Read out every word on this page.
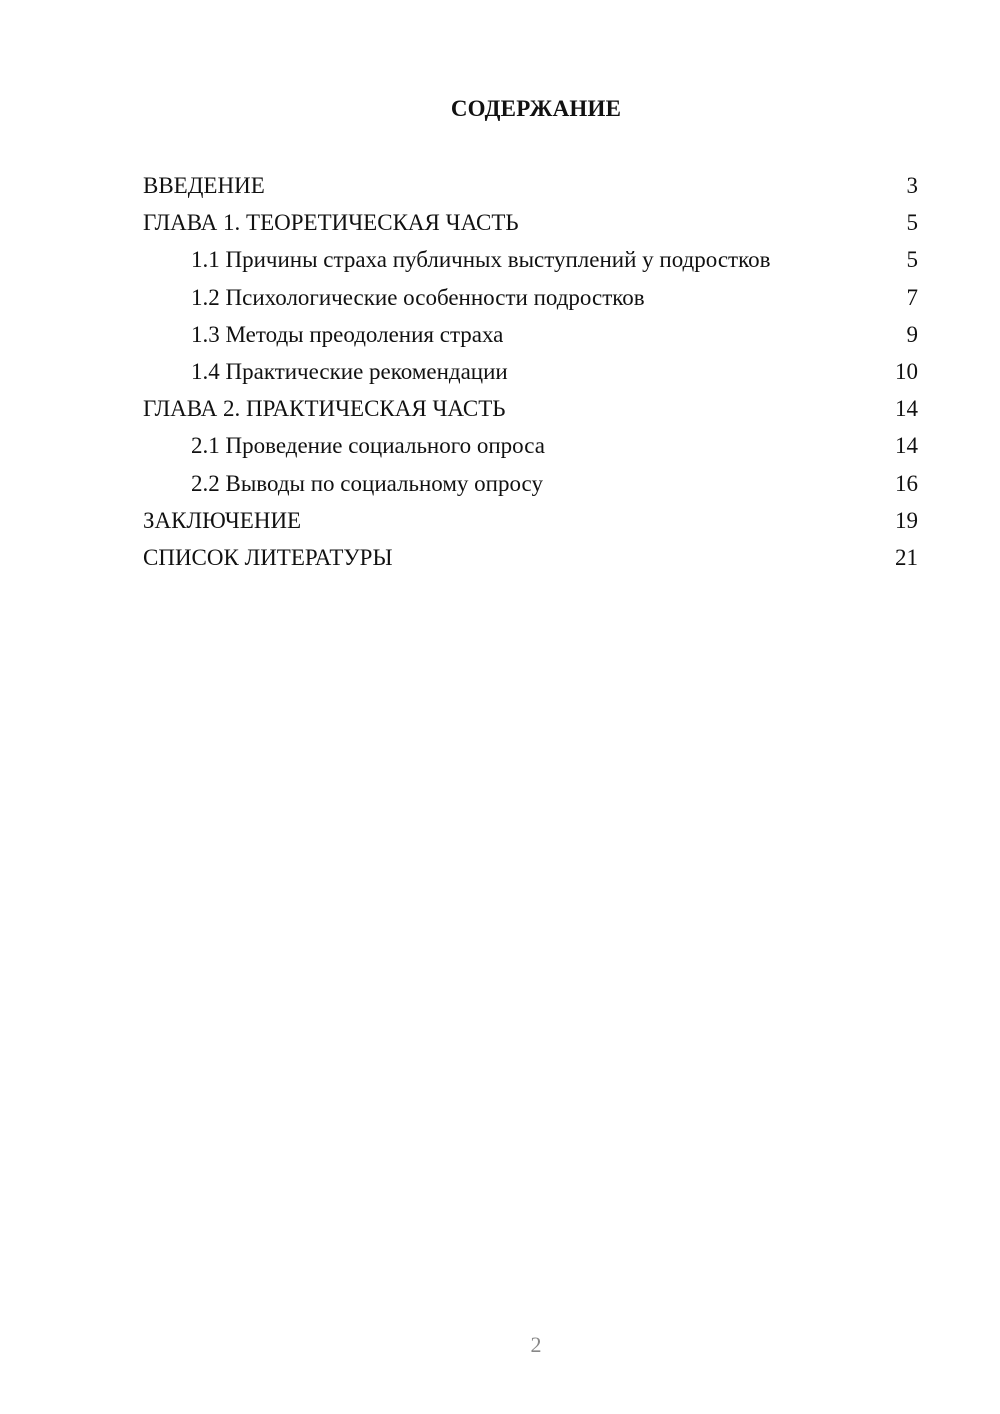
СОДЕРЖАНИЕ
ВВЕДЕНИЕ	3
ГЛАВА 1. ТЕОРЕТИЧЕСКАЯ ЧАСТЬ	5
1.1 Причины страха публичных выступлений у подростков	5
1.2 Психологические особенности подростков	7
1.3 Методы преодоления страха	9
1.4 Практические рекомендации	10
ГЛАВА 2. ПРАКТИЧЕСКАЯ ЧАСТЬ	14
2.1 Проведение социального опроса	14
2.2 Выводы по социальному опросу	16
ЗАКЛЮЧЕНИЕ	19
СПИСОК ЛИТЕРАТУРЫ	21
2
